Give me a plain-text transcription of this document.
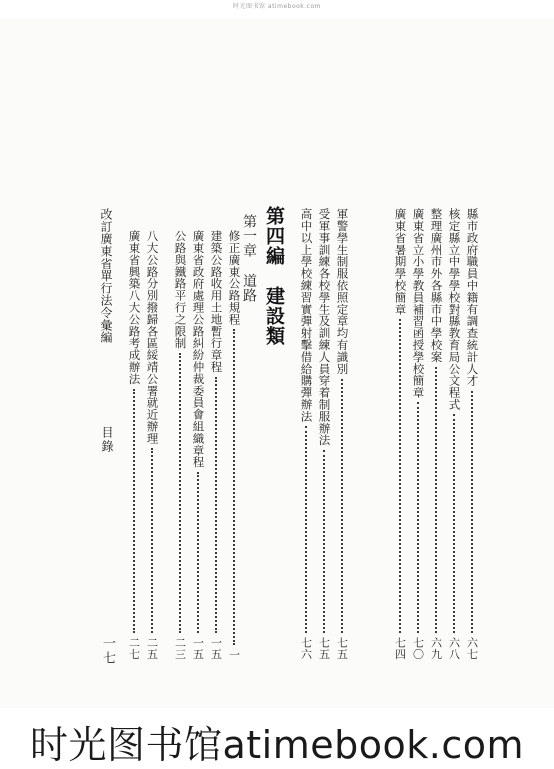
时光图书馆 atimebook.com
縣市政府職員中籍有調查統計人才
六七
核定縣立中學學校對縣教育局公文程式
六八
整理廣州市外各縣市中學校案
六九
廣東省立小學教員補習函授學校簡章
七〇
廣東省暑期學校簡章
七四
軍警學生制服依照定章均有識別
七五
受軍事訓練各校學生及訓練人員穿着制服辦法
七五
高中以上學校練習實彈射擊借給購彈辦法
七六
第四編建設類
第一章道路
修正廣東公路規程
一
建築公路收用土地暫行章程
一五
廣東省政府處理公路糾紛仲裁委員會組織章程
一五
公路與鐵路平行之限制
二三
八大公路分別撥歸各區綏靖公署就近辦理
二五
廣東省興築八大公路考成辦法
二七
改訂廣東省單行法令彙編
目錄
一七
时光图书馆atimebook.com
